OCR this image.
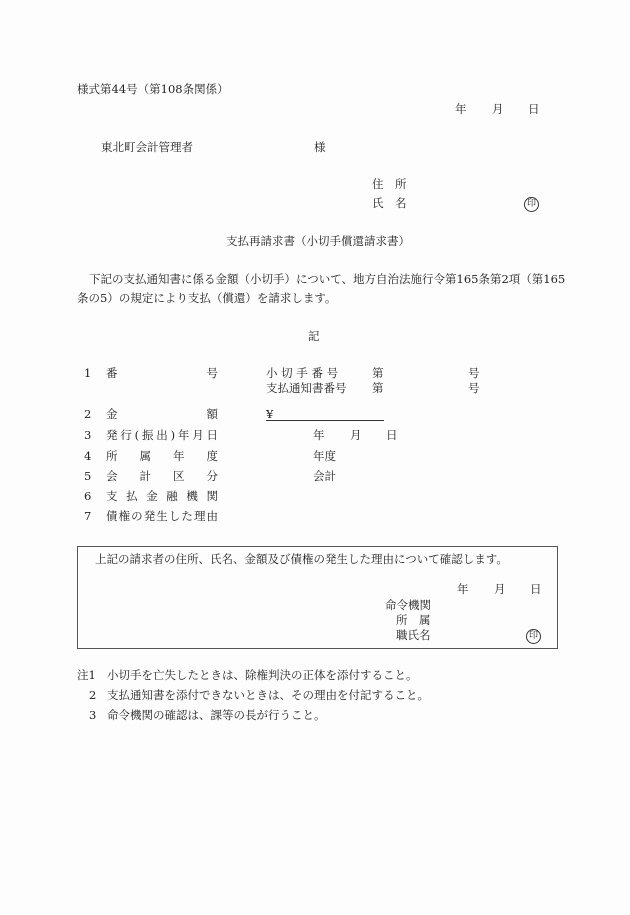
様式第44号（第108条関係）
年 月 日
東北町会計管理者	様
住　所
氏　名	印
支払再請求書（小切手償還請求書）
下記の支払通知書に係る金額（小切手）について、地方自治法施行令第165条第2項（第165
条の5）の規定により支払（償還）を請求します。
記
1 番	号	小 切 手 番 号	第	号
支払通知書番号 第	号
2 金	額	¥
3 発 行 ( 振 出 ) 年 月 日	年 月 日
4 所 属 年 度	年度
5 会 計 区 分	会計
6 支 払 金 融 機 関
7 債 権 の 発 生 し た 理 由
上記の請求者の住所、氏名、金額及び債権の発生した理由について確認します。
年 月 日
命令機関
所　属
職氏名	印
注1 小切手を亡失したときは、除権判決の正体を添付すること。
2 支払通知書を添付できないときは、その理由を付記すること。
3 命令機関の確認は、課等の長が行うこと。
